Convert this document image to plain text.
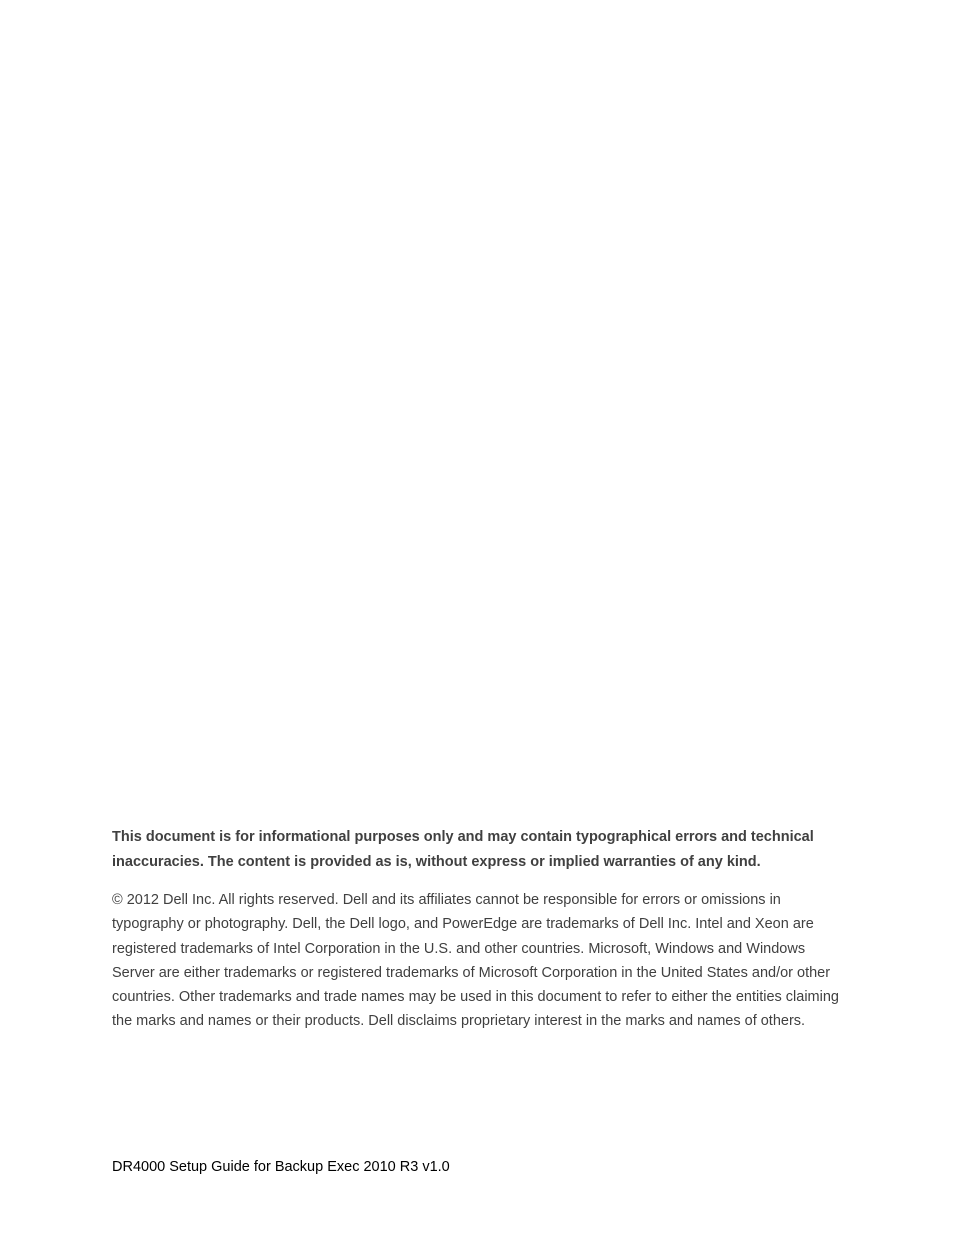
This document is for informational purposes only and may contain typographical errors and technical inaccuracies. The content is provided as is, without express or implied warranties of any kind.

© 2012 Dell Inc. All rights reserved. Dell and its affiliates cannot be responsible for errors or omissions in typography or photography. Dell, the Dell logo, and PowerEdge are trademarks of Dell Inc. Intel and Xeon are registered trademarks of Intel Corporation in the U.S. and other countries. Microsoft, Windows and Windows Server are either trademarks or registered trademarks of Microsoft Corporation in the United States and/or other countries. Other trademarks and trade names may be used in this document to refer to either the entities claiming the marks and names or their products. Dell disclaims proprietary interest in the marks and names of others.

DR4000 Setup Guide for Backup Exec 2010 R3 v1.0
